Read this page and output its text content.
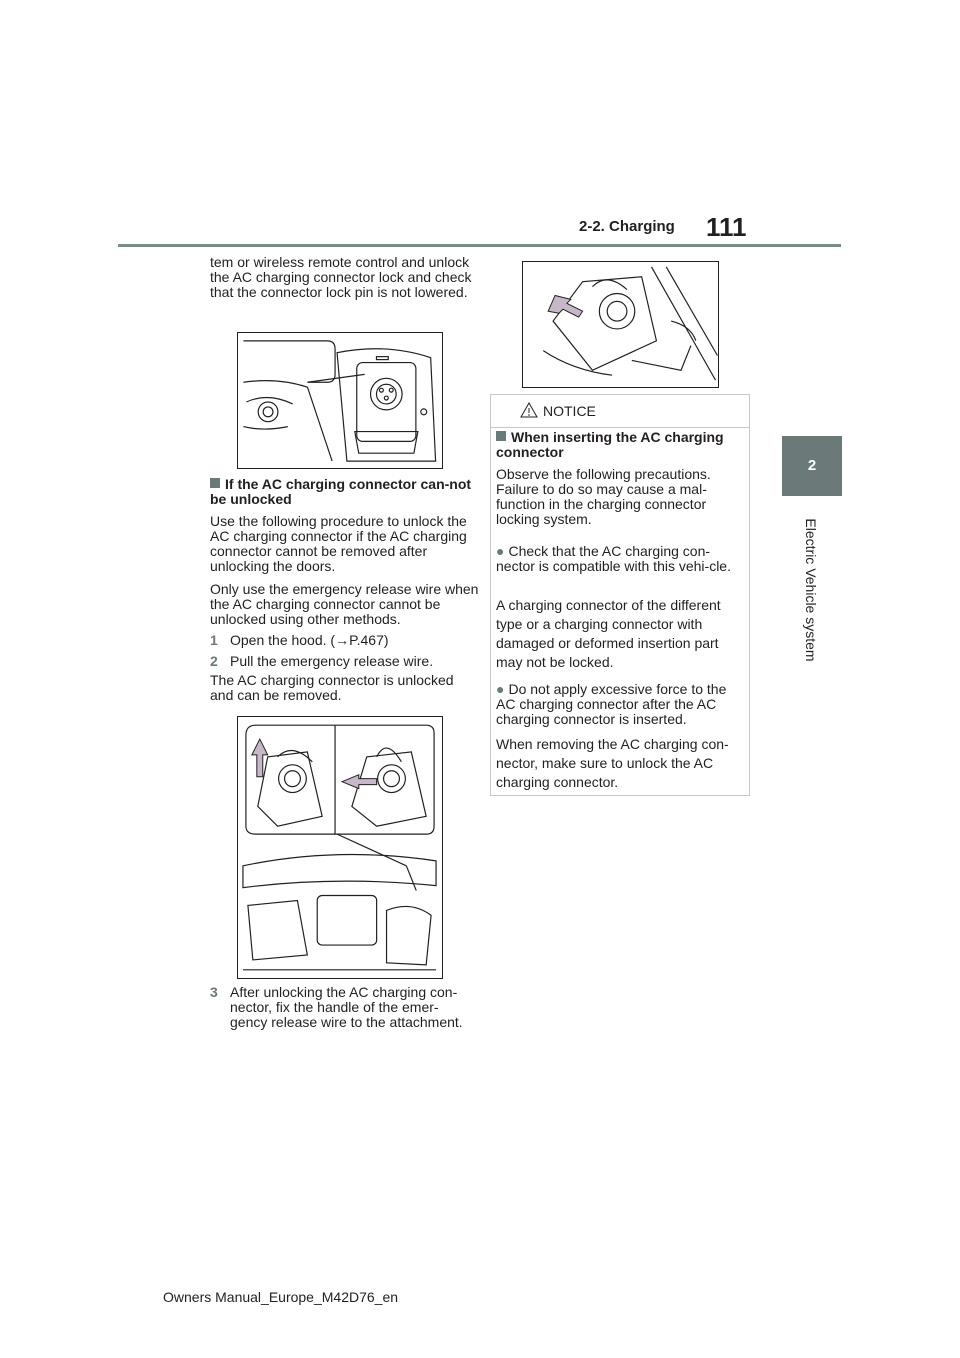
2-2. Charging 111
2
Electric Vehicle system

tem or wireless remote control and unlock the AC charging connector lock and check that the connector lock pin is not lowered.

If the AC charging connector can-not be unlocked

Use the following procedure to unlock the AC charging connector if the AC charging connector cannot be removed after unlocking the doors.

Only use the emergency release wire when the AC charging connector cannot be unlocked using other methods.

1 Open the hood. (→P.467)

2 Pull the emergency release wire.

The AC charging connector is unlocked and can be removed.

3 After unlocking the AC charging con-nector, fix the handle of the emer-gency release wire to the attachment.

NOTICE

When inserting the AC charging connector

Observe the following precautions. Failure to do so may cause a mal-function in the charging connector locking system.

● Check that the AC charging con-nector is compatible with this vehi-cle.

A charging connector of the different type or a charging connector with damaged or deformed insertion part may not be locked.

● Do not apply excessive force to the AC charging connector after the AC charging connector is inserted.

When removing the AC charging con-nector, make sure to unlock the AC charging connector.

Owners Manual_Europe_M42D76_en
